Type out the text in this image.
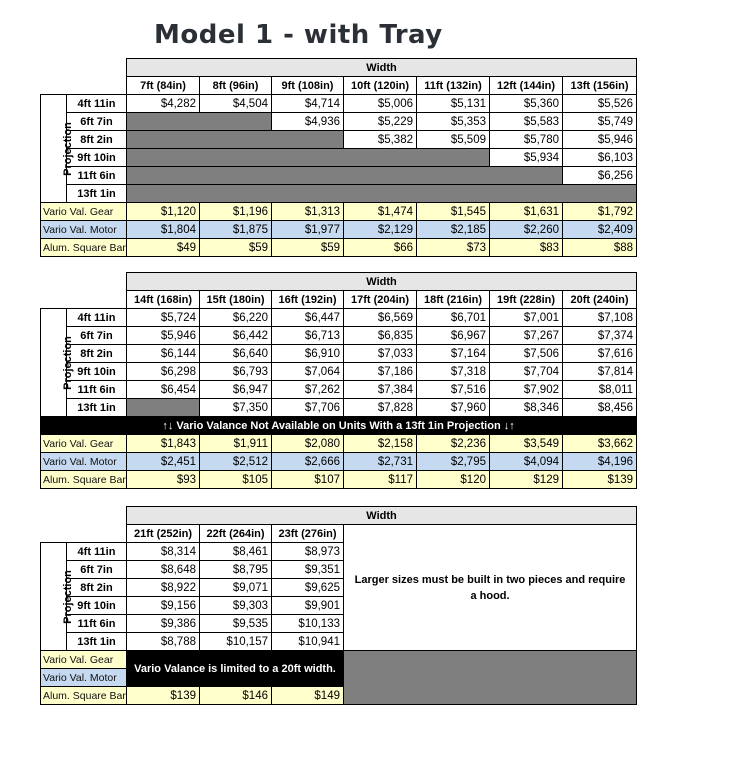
Model 1 - with Tray
		Width						
		7ft (84in)	8ft (96in)	9ft (108in)	10ft (120in)	11ft (132in)	12ft (144in)	13ft (156in)
Projection	4ft 11in	$4,282	$4,504	$4,714	$5,006	$5,131	$5,360	$5,526
	6ft 7in			$4,936	$5,229	$5,353	$5,583	$5,749
	8ft 2in				$5,382	$5,509	$5,780	$5,946
	9ft 10in						$5,934	$6,103
	11ft 6in							$6,256
	13ft 1in							
Vario Val. Gear		$1,120	$1,196	$1,313	$1,474	$1,545	$1,631	$1,792
Vario Val. Motor		$1,804	$1,875	$1,977	$2,129	$2,185	$2,260	$2,409
Alum. Square Bar		$49	$59	$59	$66	$73	$83	$88
		Width						
		14ft (168in)	15ft (180in)	16ft (192in)	17ft (204in)	18ft (216in)	19ft (228in)	20ft (240in)
Projection	4ft 11in	$5,724	$6,220	$6,447	$6,569	$6,701	$7,001	$7,108
	6ft 7in	$5,946	$6,442	$6,713	$6,835	$6,967	$7,267	$7,374
	8ft 2in	$6,144	$6,640	$6,910	$7,033	$7,164	$7,506	$7,616
	9ft 10in	$6,298	$6,793	$7,064	$7,186	$7,318	$7,704	$7,814
	11ft 6in	$6,454	$6,947	$7,262	$7,384	$7,516	$7,902	$8,011
	13ft 1in		$7,350	$7,706	$7,828	$7,960	$8,346	$8,456
↑↓ Vario Valance Not Available on Units With a 13ft 1in Projection ↓↑								
Vario Val. Gear		$1,843	$1,911	$2,080	$2,158	$2,236	$3,549	$3,662
Vario Val. Motor		$2,451	$2,512	$2,666	$2,731	$2,795	$4,094	$4,196
Alum. Square Bar		$93	$105	$107	$117	$120	$129	$139
		Width			
		21ft (252in)	22ft (264in)	23ft (276in)	Larger sizes must be built in two pieces and require a hood.
Projection	4ft 11in	$8,314	$8,461	$8,973	
	6ft 7in	$8,648	$8,795	$9,351	
	8ft 2in	$8,922	$9,071	$9,625	
	9ft 10in	$9,156	$9,303	$9,901	
	11ft 6in	$9,386	$9,535	$10,133	
	13ft 1in	$8,788	$10,157	$10,941	
Vario Val. Gear		Vario Valance is limited to a 20ft width.			
Vario Val. Motor					
Alum. Square Bar		$139	$146	$149	
